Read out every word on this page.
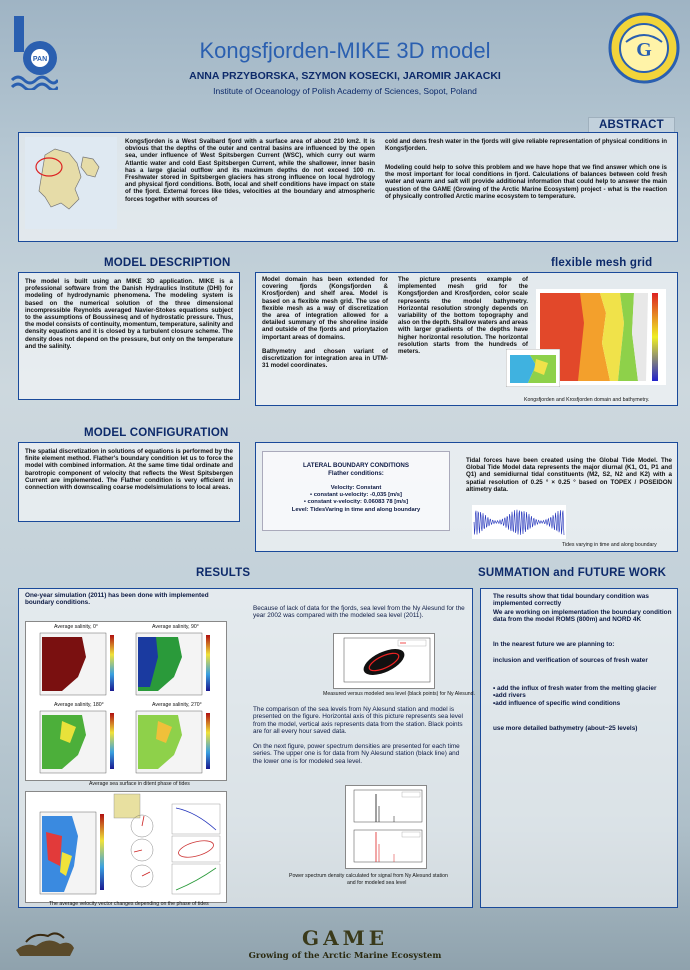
PAN	G
Kongsfjorden-MIKE 3D model
ANNA PRZYBORSKA, SZYMON KOSECKI, JAROMIR JAKACKI
Institute of Oceanology of Polish Academy of Sciences, Sopot, Poland
ABSTRACT
Kongsfjorden is a West Svalbard fjord with a surface area of about 210 km2. It is obvious that the depths of the outer and central basins are influenced by the open sea, under influence of West Spitsbergen Current (WSC), which curry out warm Atlantic water and cold East Spitsbergen Current, while the shallower, inner basin has a large glacial outflow and its maximum depths do not exceed 100 m. Freshwater stored in Spitsbergen glaciers has strong influence on local hydrology and physical fjord conditions. Both, local and shelf conditions have impact on state of the fjord. External forces like tides, velocities at the boundary and atmospheric forces together with sources of
cold and dens fresh water in the fjords will give reliable representation of physical conditions in Kongsfjorden.
Modeling could help to solve this problem and we have hope that we find answer which one is the most important for local conditions in fjord. Calculations of balances between cold fresh water and warm and salt will provide additional information that could help to answer the main question of the GAME (Growing of the Arctic Marine Ecosystem) project - what is the reaction of physically controlled Arctic marine ecosystem to temperature.
MODEL DESCRIPTION
The model is built using an MIKE 3D application. MIKE is a professional software from the Danish Hydraulics Institute (DHI) for modeling of hydrodynamic phenomena. The modeling system is based on the numerical solution of the three dimensional incompressible Reynolds averaged Navier-Stokes equations subject to the assumptions of Boussinesq and of hydrostatic pressure. Thus, the model consists of continuity, momentum, temperature, salinity and density equations and it is closed by a turbulent closure scheme. The density does not depend on the pressure, but only on the temperature and the salinity.
flexible mesh grid
Model domain has been extended for covering fjords (Kongsfjorden & Krosfjorden) and shelf area. Model is based on a flexible mesh grid. The use of flexible mesh as a way of discretization the area of integration allowed for a detailed summary of the shoreline inside and outside of the fjords and priorytazion important areas of domains.
Bathymetry and chosen variant of discretization for integration area in UTM-31 model coordinates.
The picture presents example of implemented mesh grid for the Kongsfjorden and Krosfjorden, color scale represents the model bathymetry. Horizontal resolution strongly depends on variability of the bottom topography and also on the depth. Shallow waters and areas with larger gradients of the depths have higher horizontal resolution. The horizontal resolution starts from the hundreds of meters.
Kongsfjorden and Krosfjorden domain and bathymetry.
MODEL CONFIGURATION
The spatial discretization in solutions of equations is performed by the finite element method. Flather's boundary condition let us to force the model with combined information. At the same time tidal ordinate and barotropic component of velocity that reflects the West Spitsbergen Current are implemented. The Flather condition is very efficient in connection with downscaling coarse modelsimulations to local areas.
LATERAL BOUNDARY CONDITIONS
Flather conditions:
Velocity: Constant
• constant u-velocity: -0,035 [m/s]
• constant v-velocity: 0.06083 78 [m/s]
Level: TidesVaring in time and along boundary
Tidal forces have been created using the Global Tide Model. The Global Tide Model data represents the major diurnal (K1, O1, P1 and Q1) and semidiurnal tidal constituents (M2, S2, N2 and K2) with a spatial resolution of 0.25 ° × 0.25 ° based on TOPEX / POSEIDON altimetry data.
Tides varying in time and along boundary
RESULTS
One-year simulation (2011) has been done with implemented boundary conditions.
Average salinity, 0°	Average salinity, 90°
Average salinity, 180°	Average salinity, 270°
Average sea surface in ditent phase of tides
The average velocity vector changes depending on the phase of tides
Because of lack of data for the fjords, sea level from the Ny Alesund for the year 2002 was compared with the modeled sea level (2011).
Measured versus modeled sea level (black points) for Ny Alesund.
The comparison of the sea levels from Ny Alesund station and model is presented on the figure. Horizontal axis of this picture represents sea level from the model, vertical axis represents data from the station. Black points are for all every hour saved data.
On the next figure, power spectrum densities are presented for each time series. The upper one is for data from Ny Alesund station (black line) and the lower one is for modeled sea level.
Power spectrum density calculated for signal from Ny Alesund station
and for modeled sea level
SUMMATION and FUTURE WORK
The results show that tidal boundary condition was implemented correctly
We are working on implementation the boundary condition data from the model ROMS (800m) and NORD 4K
In the nearest future we are planning to:
inclusion and verification of sources of fresh water
• add the influx of fresh water from the melting glacier
•add rivers
•add influence of specific wind conditions
use more detailed bathymetry (about~25 levels)
GAME
Growing of the Arctic Marine Ecosystem
